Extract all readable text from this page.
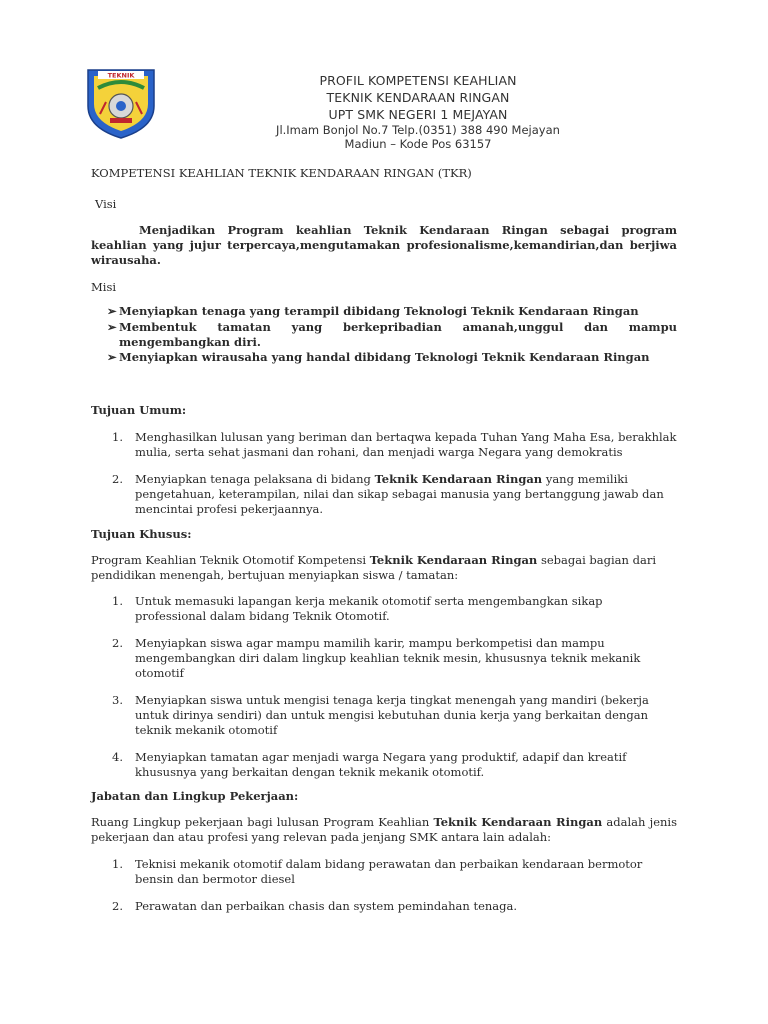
TEKNIK	PROFIL KOMPETENSI KEAHLIAN
TEKNIK KENDARAAN RINGAN
UPT SMK NEGERI 1 MEJAYAN
Jl.Imam Bonjol No.7 Telp.(0351) 388 490 Mejayan
Madiun – Kode Pos 63157

KOMPETENSI KEAHLIAN TEKNIK KENDARAAN RINGAN (TKR)

Visi

Menjadikan Program keahlian Teknik Kendaraan Ringan sebagai program keahlian yang jujur terpercaya,mengutamakan profesionalisme,kemandirian,dan berjiwa wirausaha.

Misi

➢ Menyiapkan tenaga yang terampil dibidang Teknologi Teknik Kendaraan Ringan
➢ Membentuk tamatan yang berkepribadian amanah,unggul dan mampu mengembangkan diri.
➢ Menyiapkan wirausaha yang handal dibidang Teknologi Teknik Kendaraan Ringan

Tujuan Umum:

1.	Menghasilkan lulusan yang beriman dan bertaqwa kepada Tuhan Yang Maha Esa, berakhlak mulia, serta sehat jasmani dan rohani, dan menjadi warga Negara yang demokratis
2.	Menyiapkan tenaga pelaksana di bidang Teknik Kendaraan Ringan yang memiliki pengetahuan, keterampilan, nilai dan sikap sebagai manusia yang bertanggung jawab dan mencintai profesi pekerjaannya.

Tujuan Khusus:

Program Keahlian Teknik Otomotif Kompetensi Teknik Kendaraan Ringan sebagai bagian dari pendidikan menengah, bertujuan menyiapkan siswa / tamatan:

1.	Untuk memasuki lapangan kerja mekanik otomotif serta mengembangkan sikap professional dalam bidang Teknik Otomotif.
2.	Menyiapkan siswa agar mampu mamilih karir, mampu berkompetisi dan mampu mengembangkan diri dalam lingkup keahlian teknik mesin, khususnya teknik mekanik otomotif
3.	Menyiapkan siswa untuk mengisi tenaga kerja tingkat menengah yang mandiri (bekerja untuk dirinya sendiri) dan untuk mengisi kebutuhan dunia kerja yang berkaitan dengan teknik mekanik otomotif
4.	Menyiapkan tamatan agar menjadi warga Negara yang produktif, adapif dan kreatif khususnya yang berkaitan dengan teknik mekanik otomotif.

Jabatan dan Lingkup Pekerjaan:

Ruang Lingkup pekerjaan bagi lulusan Program Keahlian Teknik Kendaraan Ringan adalah jenis pekerjaan dan atau profesi yang relevan pada jenjang SMK antara lain adalah:

1.	Teknisi mekanik otomotif dalam bidang perawatan dan perbaikan kendaraan bermotor bensin dan bermotor diesel
2.	Perawatan dan perbaikan chasis dan system pemindahan tenaga.
